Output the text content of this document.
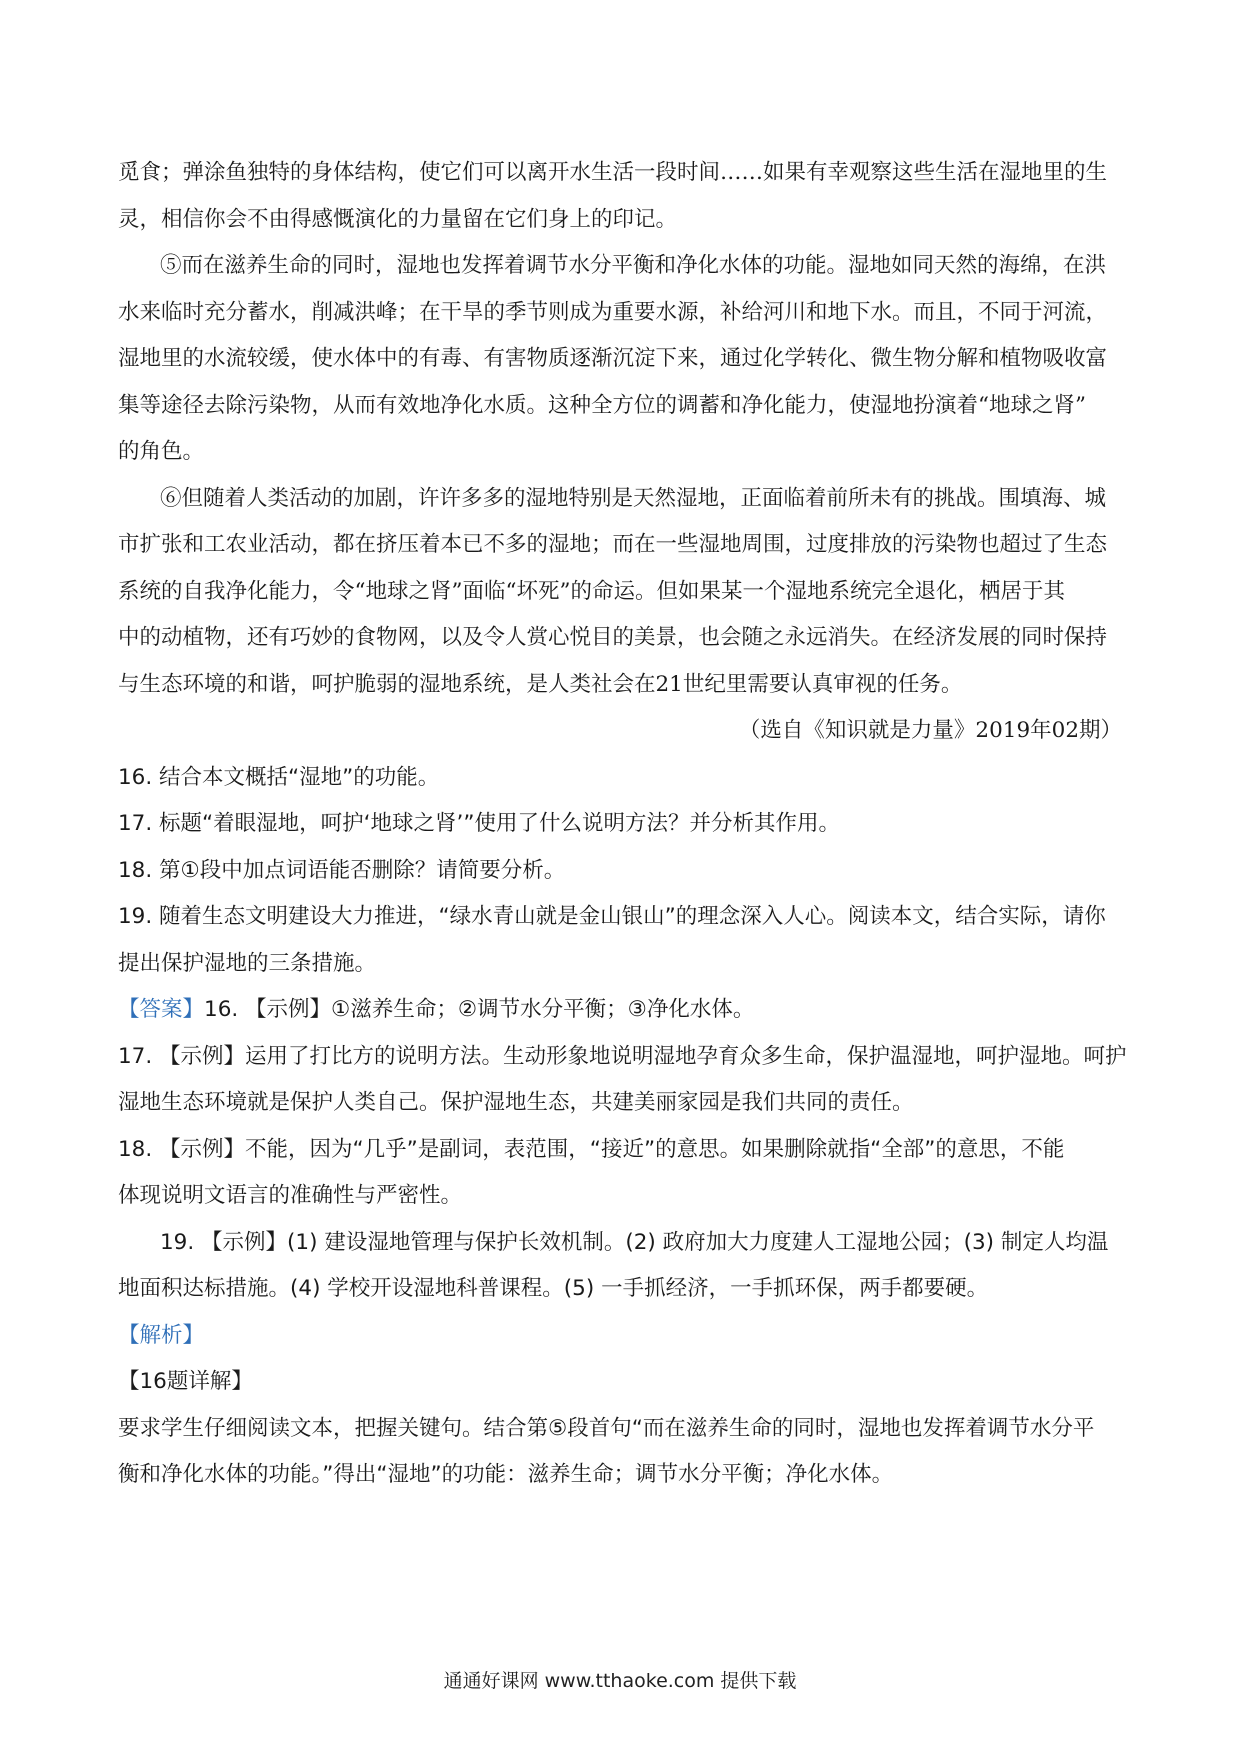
觅食；弹涂鱼独特的身体结构，使它们可以离开水生活一段时间……如果有幸观察这些生活在湿地里的生
灵，相信你会不由得感慨演化的力量留在它们身上的印记。
⑤而在滋养生命的同时，湿地也发挥着调节水分平衡和净化水体的功能。湿地如同天然的海绵，在洪
水来临时充分蓄水，削减洪峰；在干旱的季节则成为重要水源，补给河川和地下水。而且，不同于河流，
湿地里的水流较缓，使水体中的有毒、有害物质逐渐沉淀下来，通过化学转化、微生物分解和植物吸收富
集等途径去除污染物，从而有效地净化水质。这种全方位的调蓄和净化能力，使湿地扮演着“地球之肾”
的角色。
⑥但随着人类活动的加剧，许许多多的湿地特别是天然湿地，正面临着前所未有的挑战。围填海、城
市扩张和工农业活动，都在挤压着本已不多的湿地；而在一些湿地周围，过度排放的污染物也超过了生态
系统的自我净化能力，令“地球之肾”面临“坏死”的命运。但如果某一个湿地系统完全退化，栖居于其
中的动植物，还有巧妙的食物网，以及令人赏心悦目的美景，也会随之永远消失。在经济发展的同时保持
与生态环境的和谐，呵护脆弱的湿地系统，是人类社会在21世纪里需要认真审视的任务。
（选自《知识就是力量》2019年02期）
16. 结合本文概括“湿地”的功能。
17. 标题“着眼湿地，呵护‘地球之肾’”使用了什么说明方法？并分析其作用。
18. 第①段中加点词语能否删除？请简要分析。
19. 随着生态文明建设大力推进，“绿水青山就是金山银山”的理念深入人心。阅读本文，结合实际，请你
提出保护湿地的三条措施。
【答案】16. 【示例】①滋养生命；②调节水分平衡；③净化水体。
17. 【示例】运用了打比方的说明方法。生动形象地说明湿地孕育众多生命，保护温湿地，呵护湿地。呵护
湿地生态环境就是保护人类自己。保护湿地生态，共建美丽家园是我们共同的责任。
18. 【示例】不能，因为“几乎”是副词，表范围，“接近”的意思。如果删除就指“全部”的意思，不能
体现说明文语言的准确性与严密性。
19. 【示例】(1) 建设湿地管理与保护长效机制。(2) 政府加大力度建人工湿地公园；(3) 制定人均温
地面积达标措施。(4) 学校开设湿地科普课程。(5) 一手抓经济，一手抓环保，两手都要硬。
【解析】
【16题详解】
要求学生仔细阅读文本，把握关键句。结合第⑤段首句“而在滋养生命的同时，湿地也发挥着调节水分平
衡和净化水体的功能。”得出“湿地”的功能：滋养生命；调节水分平衡；净化水体。
通通好课网 www.tthaoke.com 提供下载
